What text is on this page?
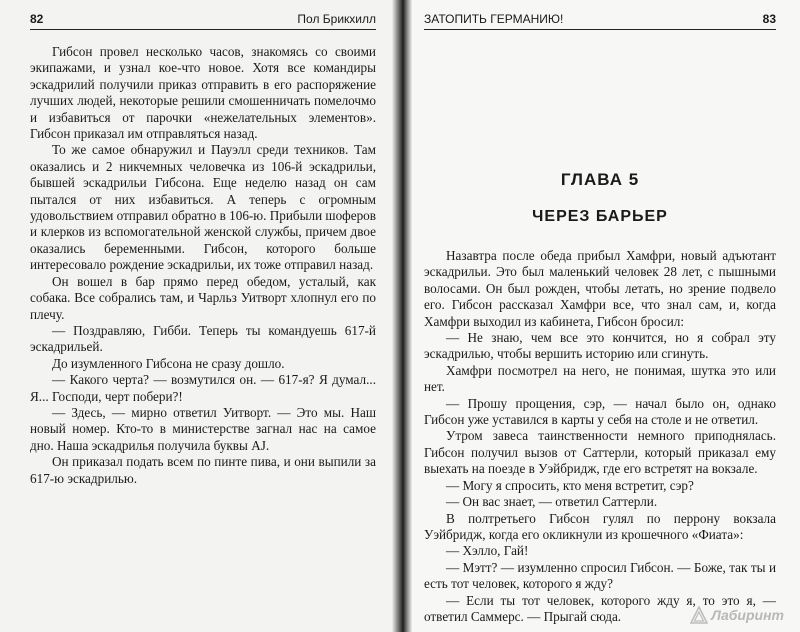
82	Пол Брикхилл

Гибсон провел несколько часов, знакомясь со своими экипажами, и узнал кое-что новое. Хотя все командиры эскадрилий получили приказ отправить в его распоряжение лучших людей, некоторые решили смошенничать помелочмо и избавиться от парочки «нежелательных элементов». Гибсон приказал им отправляться назад.

То же самое обнаружил и Пауэлл среди техников. Там оказались и 2 никчемных человечка из 106-й эскадрильи, бывшей эскадрильи Гибсона. Еще неделю назад он сам пытался от них избавиться. А теперь с огромным удовольствием отправил обратно в 106-ю. Прибыли шоферов и клерков из вспомогательной женской службы, причем двое оказались беременными. Гибсон, которого больше интересовало рождение эскадрильи, их тоже отправил назад.

Он вошел в бар прямо перед обедом, усталый, как собака. Все собрались там, и Чарльз Уитворт хлопнул его по плечу.

— Поздравляю, Гибби. Теперь ты командуешь 617-й эскадрильей.

До изумленного Гибсона не сразу дошло.

— Какого черта? — возмутился он. — 617-я? Я думал... Я... Господи, черт побери?!

— Здесь, — мирно ответил Уитворт. — Это мы. Наш новый номер. Кто-то в министерстве загнал нас на самое дно. Наша эскадрилья получила буквы AJ.

Он приказал подать всем по пинте пива, и они выпили за 617-ю эскадрилью.

ЗАТОПИТЬ ГЕРМАНИЮ!	83
ГЛАВА 5
ЧЕРЕЗ БАРЬЕР

Назавтра после обеда прибыл Хамфри, новый адъютант эскадрильи. Это был маленький человек 28 лет, с пышными волосами. Он был рожден, чтобы летать, но зрение подвело его. Гибсон рассказал Хамфри все, что знал сам, и, когда Хамфри выходил из кабинета, Гибсон бросил:

— Не знаю, чем все это кончится, но я собрал эту эскадрилью, чтобы вершить историю или сгинуть.

Хамфри посмотрел на него, не понимая, шутка это или нет.

— Прошу прощения, сэр, — начал было он, однако Гибсон уже уставился в карты у себя на столе и не ответил.

Утром завеса таинственности немного приподнялась. Гибсон получил вызов от Саттерли, который приказал ему выехать на поезде в Уэйбридж, где его встретят на вокзале.

— Могу я спросить, кто меня встретит, сэр?

— Он вас знает, — ответил Саттерли.

В полтретьего Гибсон гулял по перрону вокзала Уэйбридж, когда его окликнули из крошечного «Фиата»:

— Хэлло, Гай!

— Мэтт? — изумленно спросил Гибсон. — Боже, так ты и есть тот человек, которого я жду?

— Если ты тот человек, которого жду я, то это я, — ответил Саммерс. — Прыгай сюда.	Лабиринт
